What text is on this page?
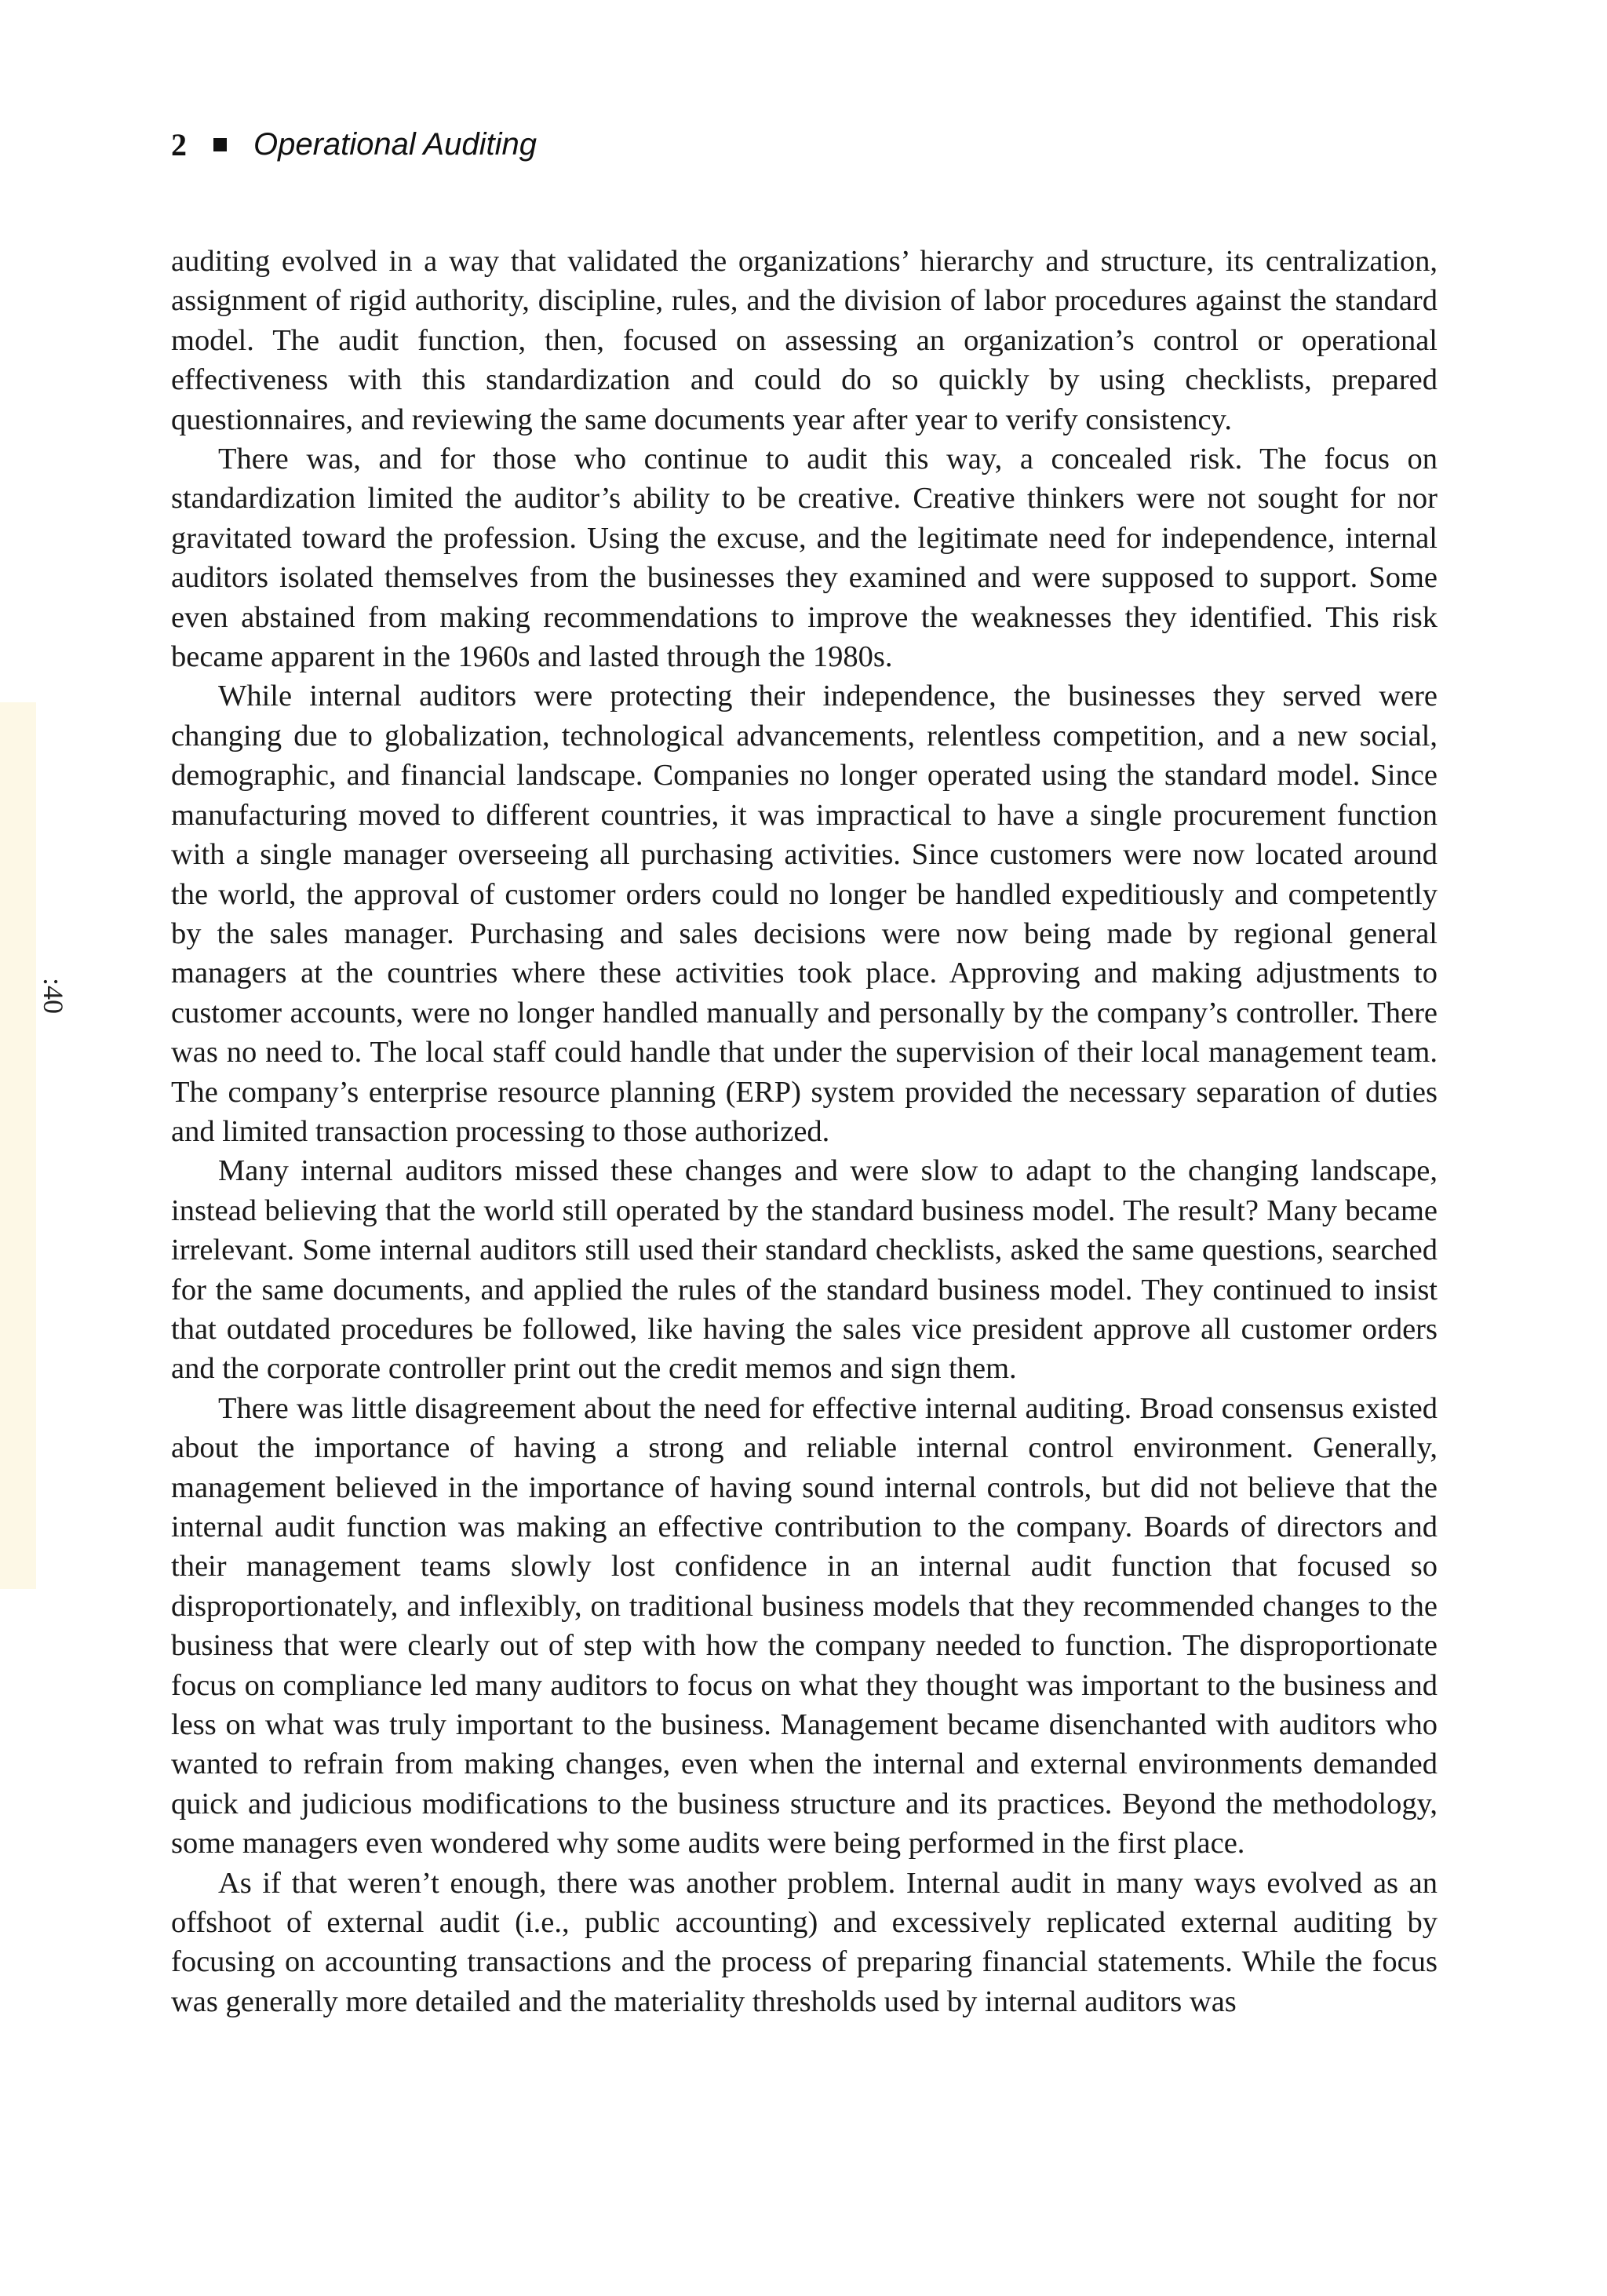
:40
2 Operational Auditing

auditing evolved in a way that validated the organizations’ hierarchy and structure, its centralization, assignment of rigid authority, discipline, rules, and the division of labor procedures against the standard model. The audit function, then, focused on assessing an organization’s control or operational effectiveness with this standardization and could do so quickly by using checklists, prepared questionnaires, and reviewing the same documents year after year to verify consistency.

There was, and for those who continue to audit this way, a concealed risk. The focus on standardization limited the auditor’s ability to be creative. Creative thinkers were not sought for nor gravitated toward the profession. Using the excuse, and the legitimate need for independence, internal auditors isolated themselves from the businesses they examined and were supposed to support. Some even abstained from making recommendations to improve the weaknesses they identified. This risk became apparent in the 1960s and lasted through the 1980s.

While internal auditors were protecting their independence, the businesses they served were changing due to globalization, technological advancements, relentless competition, and a new social, demographic, and financial landscape. Companies no longer operated using the standard model. Since manufacturing moved to different countries, it was impractical to have a single procurement function with a single manager overseeing all purchasing activities. Since customers were now located around the world, the approval of customer orders could no longer be handled expeditiously and competently by the sales manager. Purchasing and sales decisions were now being made by regional general managers at the countries where these activities took place. Approving and making adjustments to customer accounts, were no longer handled manually and personally by the company’s controller. There was no need to. The local staff could handle that under the supervision of their local management team. The company’s enterprise resource planning (ERP) system provided the necessary separation of duties and limited transaction processing to those authorized.

Many internal auditors missed these changes and were slow to adapt to the changing landscape, instead believing that the world still operated by the standard business model. The result? Many became irrelevant. Some internal auditors still used their standard checklists, asked the same questions, searched for the same documents, and applied the rules of the standard business model. They continued to insist that outdated procedures be followed, like having the sales vice president approve all customer orders and the corporate controller print out the credit memos and sign them.

There was little disagreement about the need for effective internal auditing. Broad consensus existed about the importance of having a strong and reliable internal control environment. Generally, management believed in the importance of having sound internal controls, but did not believe that the internal audit function was making an effective contribution to the company. Boards of directors and their management teams slowly lost confidence in an internal audit function that focused so disproportionately, and inflexibly, on traditional business models that they recommended changes to the business that were clearly out of step with how the company needed to function. The disproportionate focus on compliance led many auditors to focus on what they thought was important to the business and less on what was truly important to the business. Management became disenchanted with auditors who wanted to refrain from making changes, even when the internal and external environments demanded quick and judicious modifications to the business structure and its practices. Beyond the methodology, some managers even wondered why some audits were being performed in the first place.

As if that weren’t enough, there was another problem. Internal audit in many ways evolved as an offshoot of external audit (i.e., public accounting) and excessively replicated external auditing by focusing on accounting transactions and the process of preparing financial statements. While the focus was generally more detailed and the materiality thresholds used by internal auditors was
